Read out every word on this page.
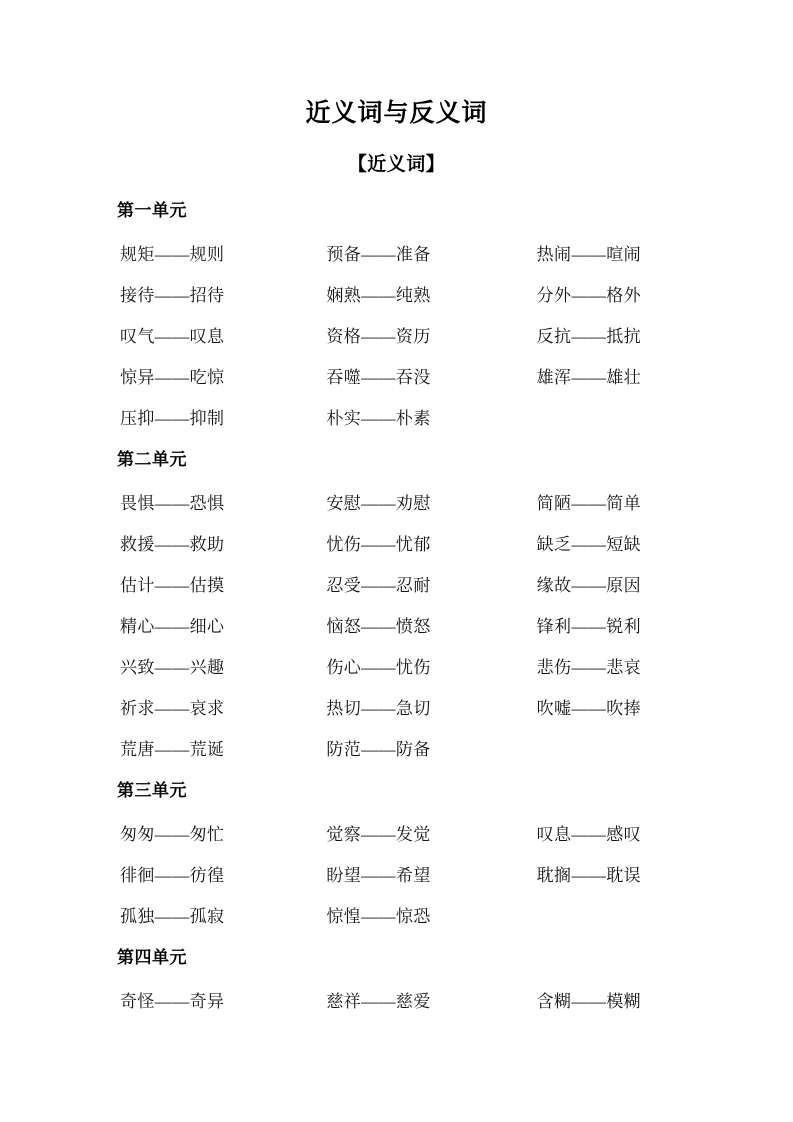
近义词与反义词
【近义词】
第一单元
规矩——规则	预备——准备	热闹——喧闹
接待——招待	娴熟——纯熟	分外——格外
叹气——叹息	资格——资历	反抗——抵抗
惊异——吃惊	吞噬——吞没	雄浑——雄壮
压抑——抑制	朴实——朴素
第二单元
畏惧——恐惧	安慰——劝慰	简陋——简单
救援——救助	忧伤——忧郁	缺乏——短缺
估计——估摸	忍受——忍耐	缘故——原因
精心——细心	恼怒——愤怒	锋利——锐利
兴致——兴趣	伤心——忧伤	悲伤——悲哀
祈求——哀求	热切——急切	吹嘘——吹捧
荒唐——荒诞	防范——防备
第三单元
匆匆——匆忙	觉察——发觉	叹息——感叹
徘徊——彷徨	盼望——希望	耽搁——耽误
孤独——孤寂	惊惶——惊恐
第四单元
奇怪——奇异	慈祥——慈爱	含糊——模糊
